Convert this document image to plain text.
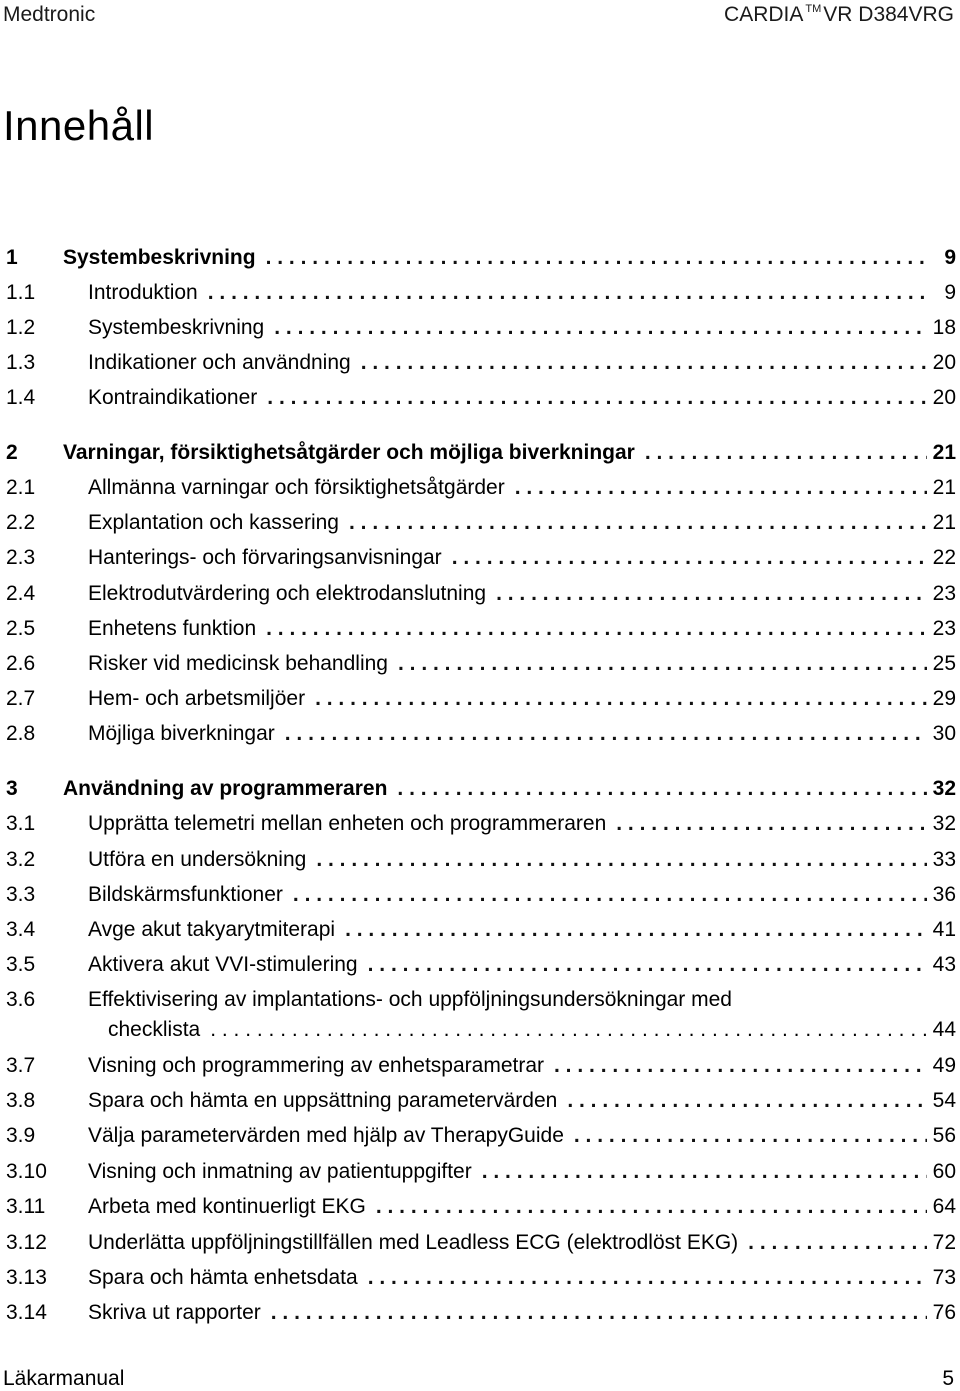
Medtronic	CARDIA ™VR D384VRG
Innehåll
1 Systembeskrivning . . .	9
1.1	Introduktion . . .	9
1.2	Systembeskrivning . . .	18
1.3	Indikationer och användning . . .	20
1.4	Kontraindikationer . . .	20
2 Varningar, försiktighetsåtgärder och möjliga biverkningar . . .	21
2.1	Allmänna varningar och försiktighetsåtgärder . . .	21
2.2	Explantation och kassering . . .	21
2.3	Hanterings- och förvaringsanvisningar . . .	22
2.4	Elektrodutvärdering och elektrodanslutning . . .	23
2.5	Enhetens funktion . . .	23
2.6	Risker vid medicinsk behandling . . .	25
2.7	Hem- och arbetsmiljöer . . .	29
2.8	Möjliga biverkningar . . .	30
3 Användning av programmeraren . . .	32
3.1	Upprätta telemetri mellan enheten och programmeraren . . .	32
3.2	Utföra en undersökning . . .	33
3.3	Bildskärmsfunktioner . . .	36
3.4	Avge akut takyarytmiterapi . . .	41
3.5	Aktivera akut VVI-stimulering . . .	43
3.6	Effektivisering av implantations- och uppföljningsundersökningar med
checklista . . .	44
3.7	Visning och programmering av enhetsparametrar . . .	49
3.8	Spara och hämta en uppsättning parametervärden . . .	54
3.9	Välja parametervärden med hjälp av TherapyGuide . . .	56
3.10 Visning och inmatning av patientuppgifter . . .	60
3.11 Arbeta med kontinuerligt EKG . . .	64
3.12 Underlätta uppföljningstillfällen med Leadless ECG (elektrodlöst EKG) . . .	72
3.13 Spara och hämta enhetsdata . . .	73
3.14 Skriva ut rapporter . . .	76
Läkarmanual	5
